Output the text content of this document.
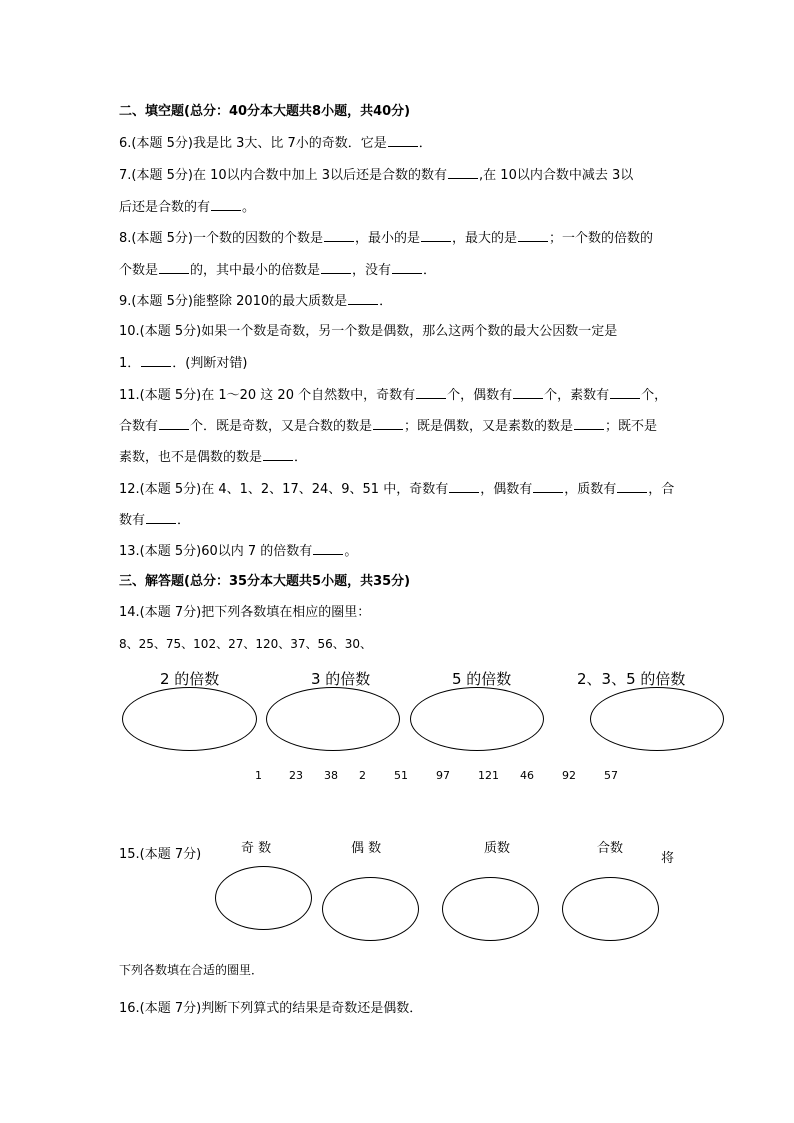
二、填空题(总分：40分本大题共8小题，共40分)
6.(本题 5分)我是比 3大、比 7小的奇数．它是 ．
7.(本题 5分)在 10以内合数中加上 3以后还是合数的数有 ,在 10以内合数中减去 3以
后还是合数的有 。
8.(本题 5分)一个数的因数的个数是 ，最小的是 ，最大的是 ；一个数的倍数的
个数是 的，其中最小的倍数是 ，没有 ．
9.(本题 5分)能整除 2010的最大质数是 ．
10.(本题 5分)如果一个数是奇数，另一个数是偶数，那么这两个数的最大公因数一定是
1． ．(判断对错)
11.(本题 5分)在 1～20 这 20 个自然数中，奇数有 个，偶数有 个，素数有 个，
合数有 个．既是奇数，又是合数的数是 ；既是偶数，又是素数的数是 ；既不是
素数，也不是偶数的数是 ．
12.(本题 5分)在 4、1、2、17、24、9、51 中，奇数有 ，偶数有 ，质数有 ，合
数有 ．
13.(本题 5分)60以内 7 的倍数有 。
三、解答题(总分：35分本大题共5小题，共35分)
14.(本题 7分)把下列各数填在相应的圈里：
8、25、75、102、27、120、37、56、30、
2 的倍数	3 的倍数	5 的倍数	2、3、5 的倍数
1 23 38 2	51	97	121 46	92	57
15.(本题 7分)	奇 数	偶 数	质数	合数
将
下列各数填在合适的圈里．
16.(本题 7分)判断下列算式的结果是奇数还是偶数．
